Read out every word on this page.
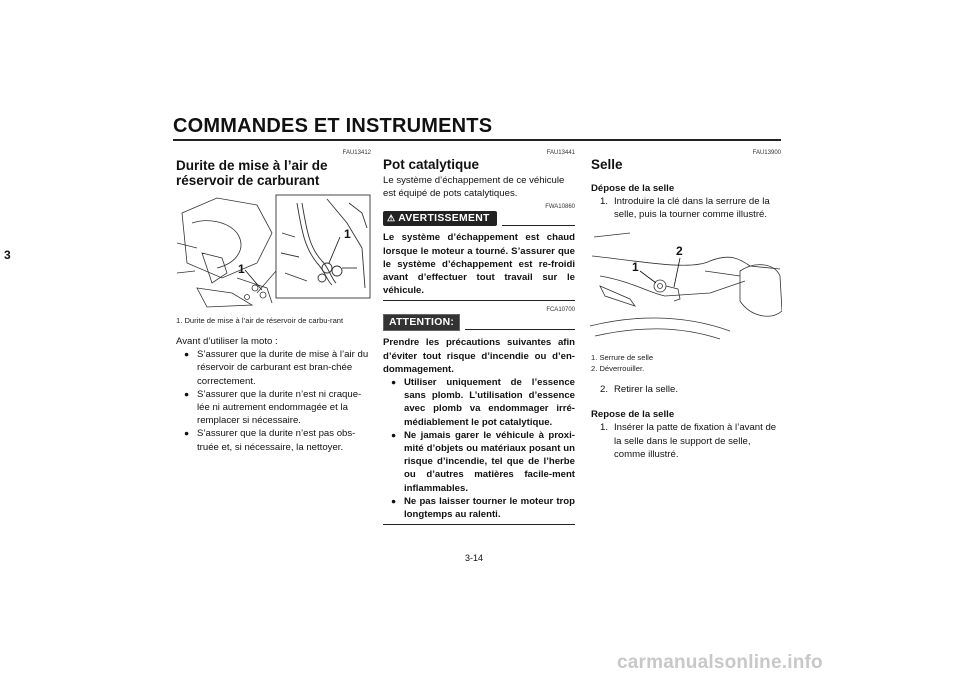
COMMANDES ET INSTRUMENTS
3
FAU13412
Durite de mise à l’air de réservoir de carburant
1
1
1. Durite de mise à l’air de réservoir de carbu-rant
Avant d’utiliser la moto :
● S’assurer que la durite de mise à l’air du réservoir de carburant est bran-chée correctement.
● S’assurer que la durite n’est ni craque-lée ni autrement endommagée et la remplacer si nécessaire.
● S’assurer que la durite n’est pas obs-truée et, si nécessaire, la nettoyer.
FAU13441
Pot catalytique
Le système d’échappement de ce véhicule est équipé de pots catalytiques.
FWA10860
⚠ AVERTISSEMENT
Le système d’échappement est chaud lorsque le moteur a tourné. S’assurer que le système d’échappement est re-froidi avant d’effectuer tout travail sur le véhicule.
FCA10700
ATTENTION:
Prendre les précautions suivantes afin d’éviter tout risque d’incendie ou d’en-dommagement.
● Utiliser uniquement de l’essence sans plomb. L’utilisation d’essence avec plomb va endommager irré-médiablement le pot catalytique.
● Ne jamais garer le véhicule à proxi-mité d’objets ou matériaux posant un risque d’incendie, tel que de l’herbe ou d’autres matières facile-ment inflammables.
● Ne pas laisser tourner le moteur trop longtemps au ralenti.
FAU13900
Selle
Dépose de la selle
1. Introduire la clé dans la serrure de la selle, puis la tourner comme illustré.
1
2
1. Serrure de selle
2. Déverrouiller.
2. Retirer la selle.
Repose de la selle
1. Insérer la patte de fixation à l’avant de la selle dans le support de selle, comme illustré.
3-14
carmanualsonline.info
